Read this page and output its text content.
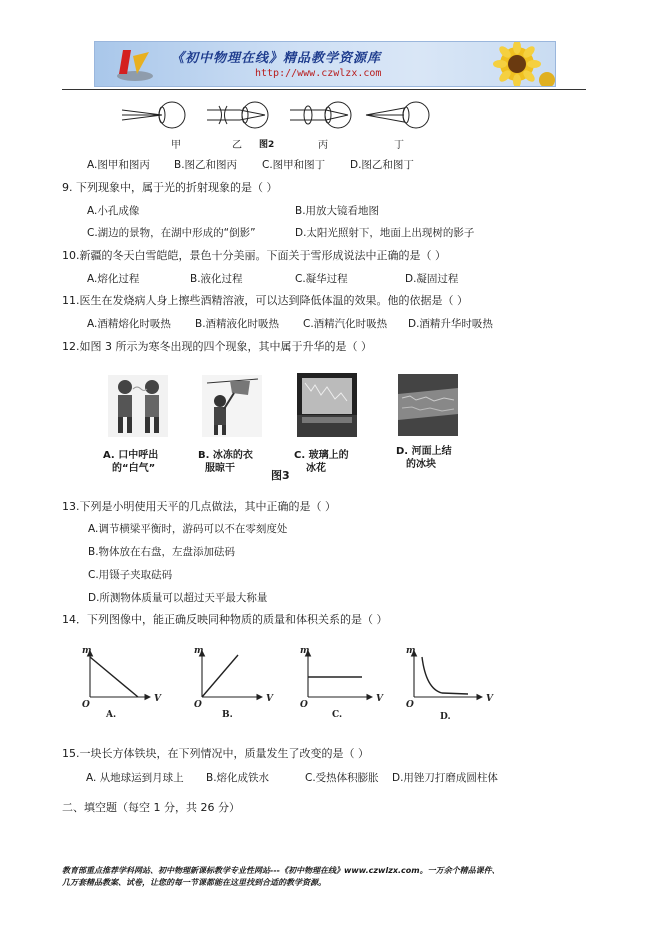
《初中物理在线》精品教学资源库
http://www.czwlzx.com
甲	乙 图2	丙	丁
A.图甲和图丙 B.图乙和图丙 C.图甲和图丁 D.图乙和图丁
9. 下列现象中，属于光的折射现象的是（ ）
A.小孔成像	B.用放大镜看地图
C.湖边的景物，在湖中形成的“倒影”	D.太阳光照射下，地面上出现树的影子
10.新疆的冬天白雪皑皑，景色十分美丽。下面关于雪形成说法中正确的是（ ）
A.熔化过程	B.液化过程	C.凝华过程	D.凝固过程
11.医生在发烧病人身上擦些酒精溶液，可以达到降低体温的效果。他的依据是（ ）
A.酒精熔化时吸热 B.酒精液化时吸热 C.酒精汽化时吸热 D.酒精升华时吸热
12.如图 3 所示为寒冬出现的四个现象，其中属于升华的是（ ）
A. 口中呼出
的“白气”
B. 冰冻的衣
服晾干
图3
C. 玻璃上的
冰花
D. 河面上结
的冰块
13.下列是小明使用天平的几点做法，其中正确的是（ ）
A.调节横梁平衡时，游码可以不在零刻度处
B.物体放在右盘，左盘添加砝码
C.用镊子夹取砝码
D.所测物体质量可以超过天平最大称量
14．下列图像中，能正确反映同种物质的质量和体积关系的是（ ）
m
O
V
m
O
V
m
O
V
m
O
V
A.	B.	C.	D.
15.一块长方体铁块，在下列情况中，质量发生了改变的是（ ）
A. 从地球运到月球上 B.熔化成铁水	C.受热体积膨胀 D.用锉刀打磨成圆柱体
二、填空题（每空 1 分，共 26 分）
教育部重点推荐学科网站、初中物理新课标教学专业性网站---《初中物理在线》www.czwlzx.com。一万余个精品课件、
几万套精品教案、试卷，让您的每一节课都能在这里找到合适的教学资源。
